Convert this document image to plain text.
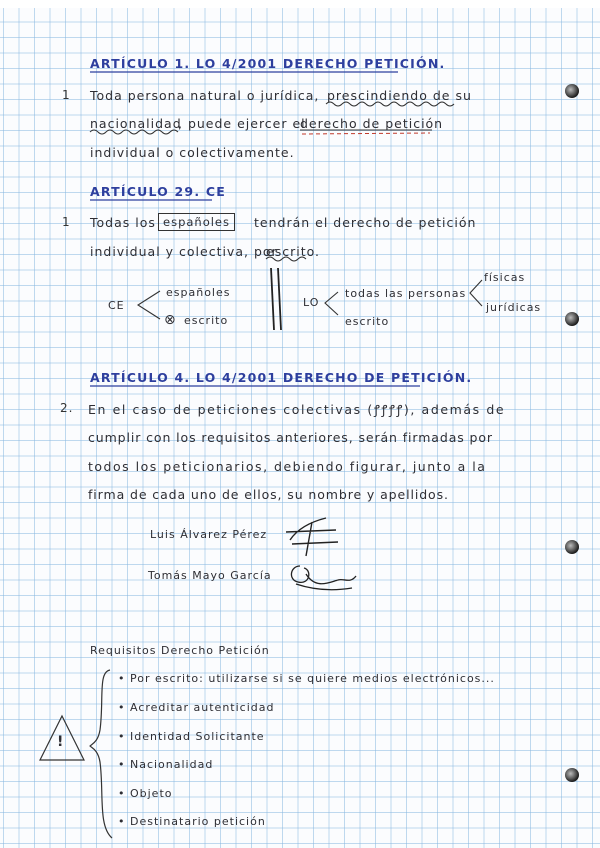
ARTÍCULO 1. LO 4/2001 DERECHO PETICIÓN.
1 Toda persona natural o jurídica, prescindiendo de su
nacionalidad
, puede ejercer el
derecho de petición
individual o colectivamente.
ARTÍCULO 29. CE
1 Todas los españoles	tendrán el derecho de petición
individual y colectiva, por
escrito.
CE
españoles
⊗ escrito
LO
todas las personas
escrito
físicas
jurídicas
ARTÍCULO 4. LO 4/2001 DERECHO DE PETICIÓN.
2. En el caso de peticiones colectivas (ꝭꝭꝭꝭ), además de
cumplir con los requisitos anteriores, serán firmadas por
todos los peticionarios, debiendo figurar, junto a la
firma de cada uno de ellos, su nombre y apellidos.
Luis Álvarez Pérez
Tomás Mayo García
Requisitos Derecho Petición
• Por escrito: utilizarse si se quiere medios electrónicos...
• Acreditar autenticidad
• Identidad Solicitante
• Nacionalidad
• Objeto
• Destinatario petición
!
